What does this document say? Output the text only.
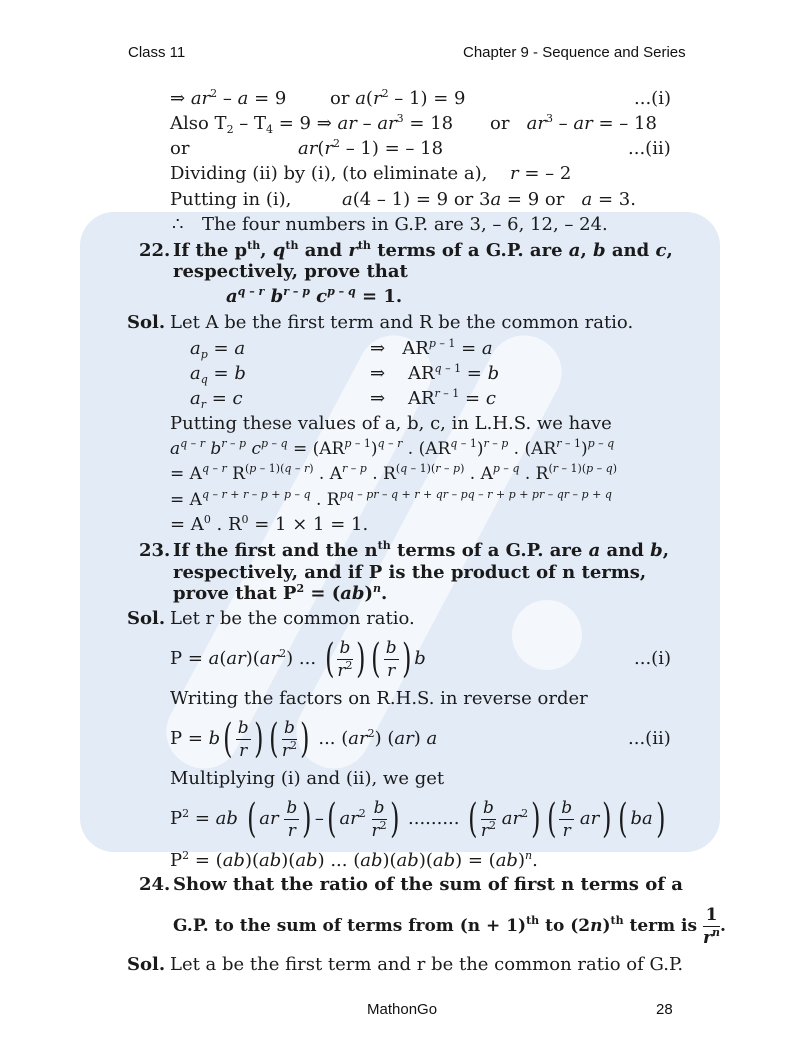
Class 11	Chapter 9 - Sequence and Series
⇒ $ar^2 - a = 9$ or $a(r^2 - 1) = 9$	...(i)
Also $T_2 - T_4 = 9$ ⇒ ar – $ar^3 = 18$ or   $ar^3$ – ar = – 18
or	$ar(r^2 - 1)$ = – 18	...(ii)
Dividing (ii) by (i), (to eliminate a), r = – 2
Putting in (i),	a(4 – 1) = 9 or 3a = 9 or   a = 3.
∴ The four numbers in G.P. are 3, – 6, 12, – 24.
22. If the $p^{th}$, $q^{th}$ and $r^{th}$ terms of a G.P. are a, b and c,
respectively, prove that
$a^{q - r}$ $b^{r - p}$ $c^{p - q} = 1$.
Sol. Let A be the first term and R be the common ratio.
$a_p = a$	⇒   $AR^{p - 1} = a$
$a_q = b$	⇒    $AR^{q - 1} = b$
$a_r = c$	⇒    $AR^{r - 1} = c$
Putting these values of a, b, c, in L.H.S. we have
$a^{q - r}$ $b^{r - p}$ $c^{p - q} = (AR^{p - 1})^{q - r}$ . $(AR^{q - 1})^{r - p}$ . $(AR^{r - 1})^{p - q}$
= $A^{q - r}$ $R^{(p - 1)(q - r)}$ . $A^{r - p}$ . $R^{(q - 1)(r - p)}$ . $A^{p - q}$ . $R^{(r - 1)(p - q)}$
= $A^{q - r + r - p + p - q}$ . $R^{pq - pr - q + r + qr - pq - r + p + pr - qr - p + q}$
= $A^0$ . $R^0 = 1 \times 1 = 1$.
23. If the first and the $n^{th}$ terms of a G.P. are a and b,
respectively, and if P is the product of n terms,
prove that $P^2 = (ab)^n$.
Sol. Let r be the common ratio.
$P = a(ar)(ar^2)$ ... ( $\frac{b}{r^2}$ ) ( $\frac{b}{r}$ ) b	...(i)
Writing the factors on R.H.S. in reverse order
$P = b( \frac{b}{r}$ ) ( $\frac{b}{r^2}$ ) ... $(ar^2)$ (ar) a	...(ii)
Multiplying (i) and (ii), we get
$P^2$ = ab ( ar $\frac{b}{r}$ ) –( $ar^2 \frac{b}{r^2}$ ) ......... ( $\frac{b}{r^2} ar^2$) ( $\frac{b}{r} ar$) ( ba)
$P^2 = (ab)(ab)(ab)$ ... (ab)(ab)(ab) = (ab)$^n$.
24. Show that the ratio of the sum of first n terms of a
G.P. to the sum of terms from $(n + 1)^{th}$ to $(2n)^{th}$ term is $\frac{1}{r^n}$ .
Sol. Let a be the first term and r be the common ratio of G.P.
MathonGo	28
